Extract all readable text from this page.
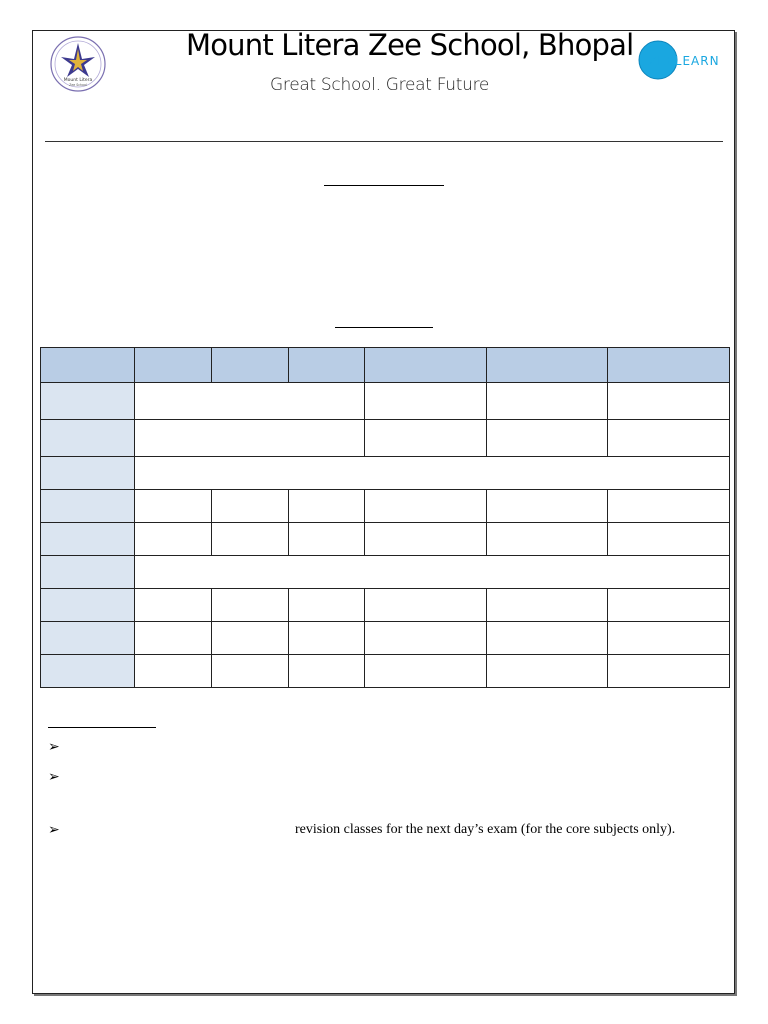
Mount Litera
Zee School
Mount Litera Zee School, Bhopal
Great School. Great Future
ZEELEARN

➢
➢
➢	revision classes for the next day’s exam (for the core subjects only).
